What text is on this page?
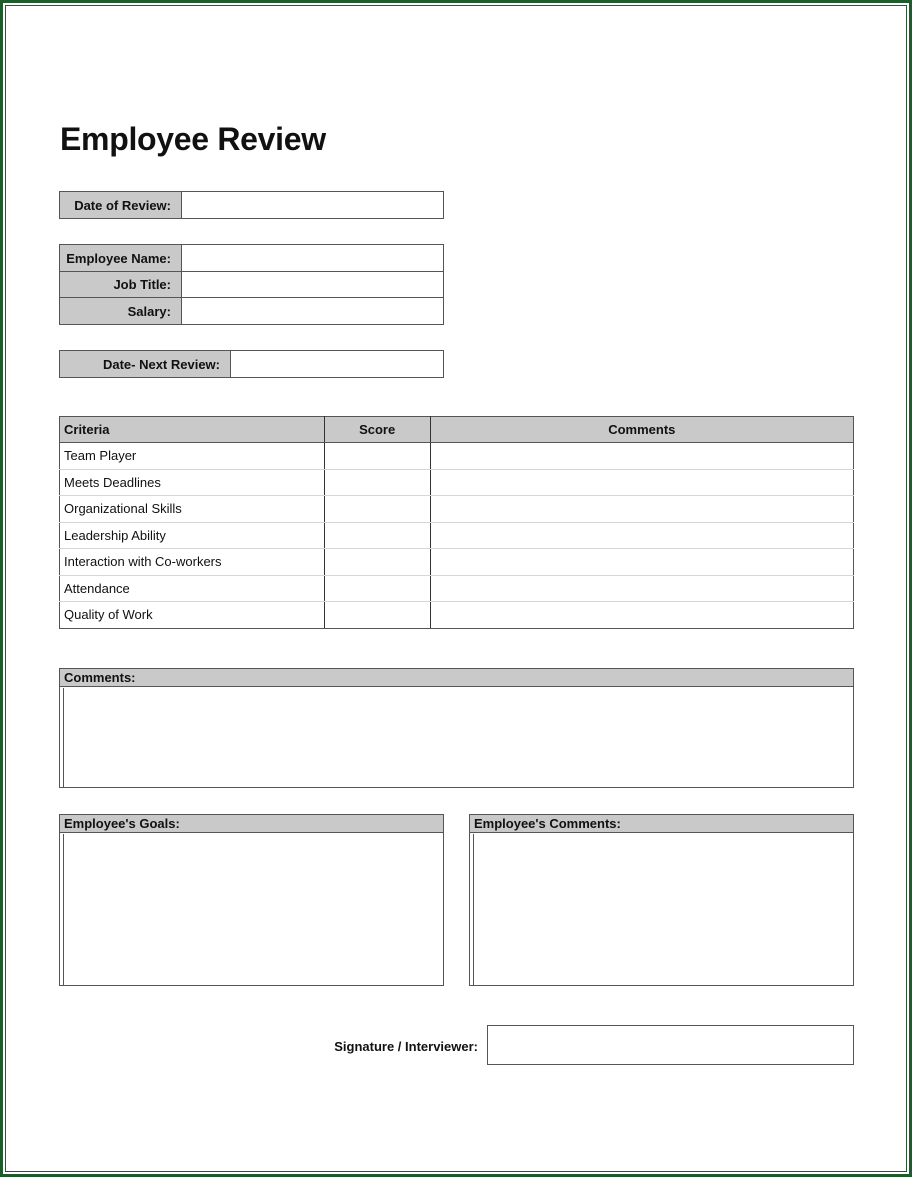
Employee Review
Date of Review:
Employee Name:
Job Title:
Salary:
Date- Next Review:
Criteria	Score	Comments
Team Player		
Meets Deadlines		
Organizational Skills		
Leadership Ability		
Interaction with Co-workers		
Attendance		
Quality of Work		
Comments:
Employee's Goals:	Employee's Comments:
Signature / Interviewer:
